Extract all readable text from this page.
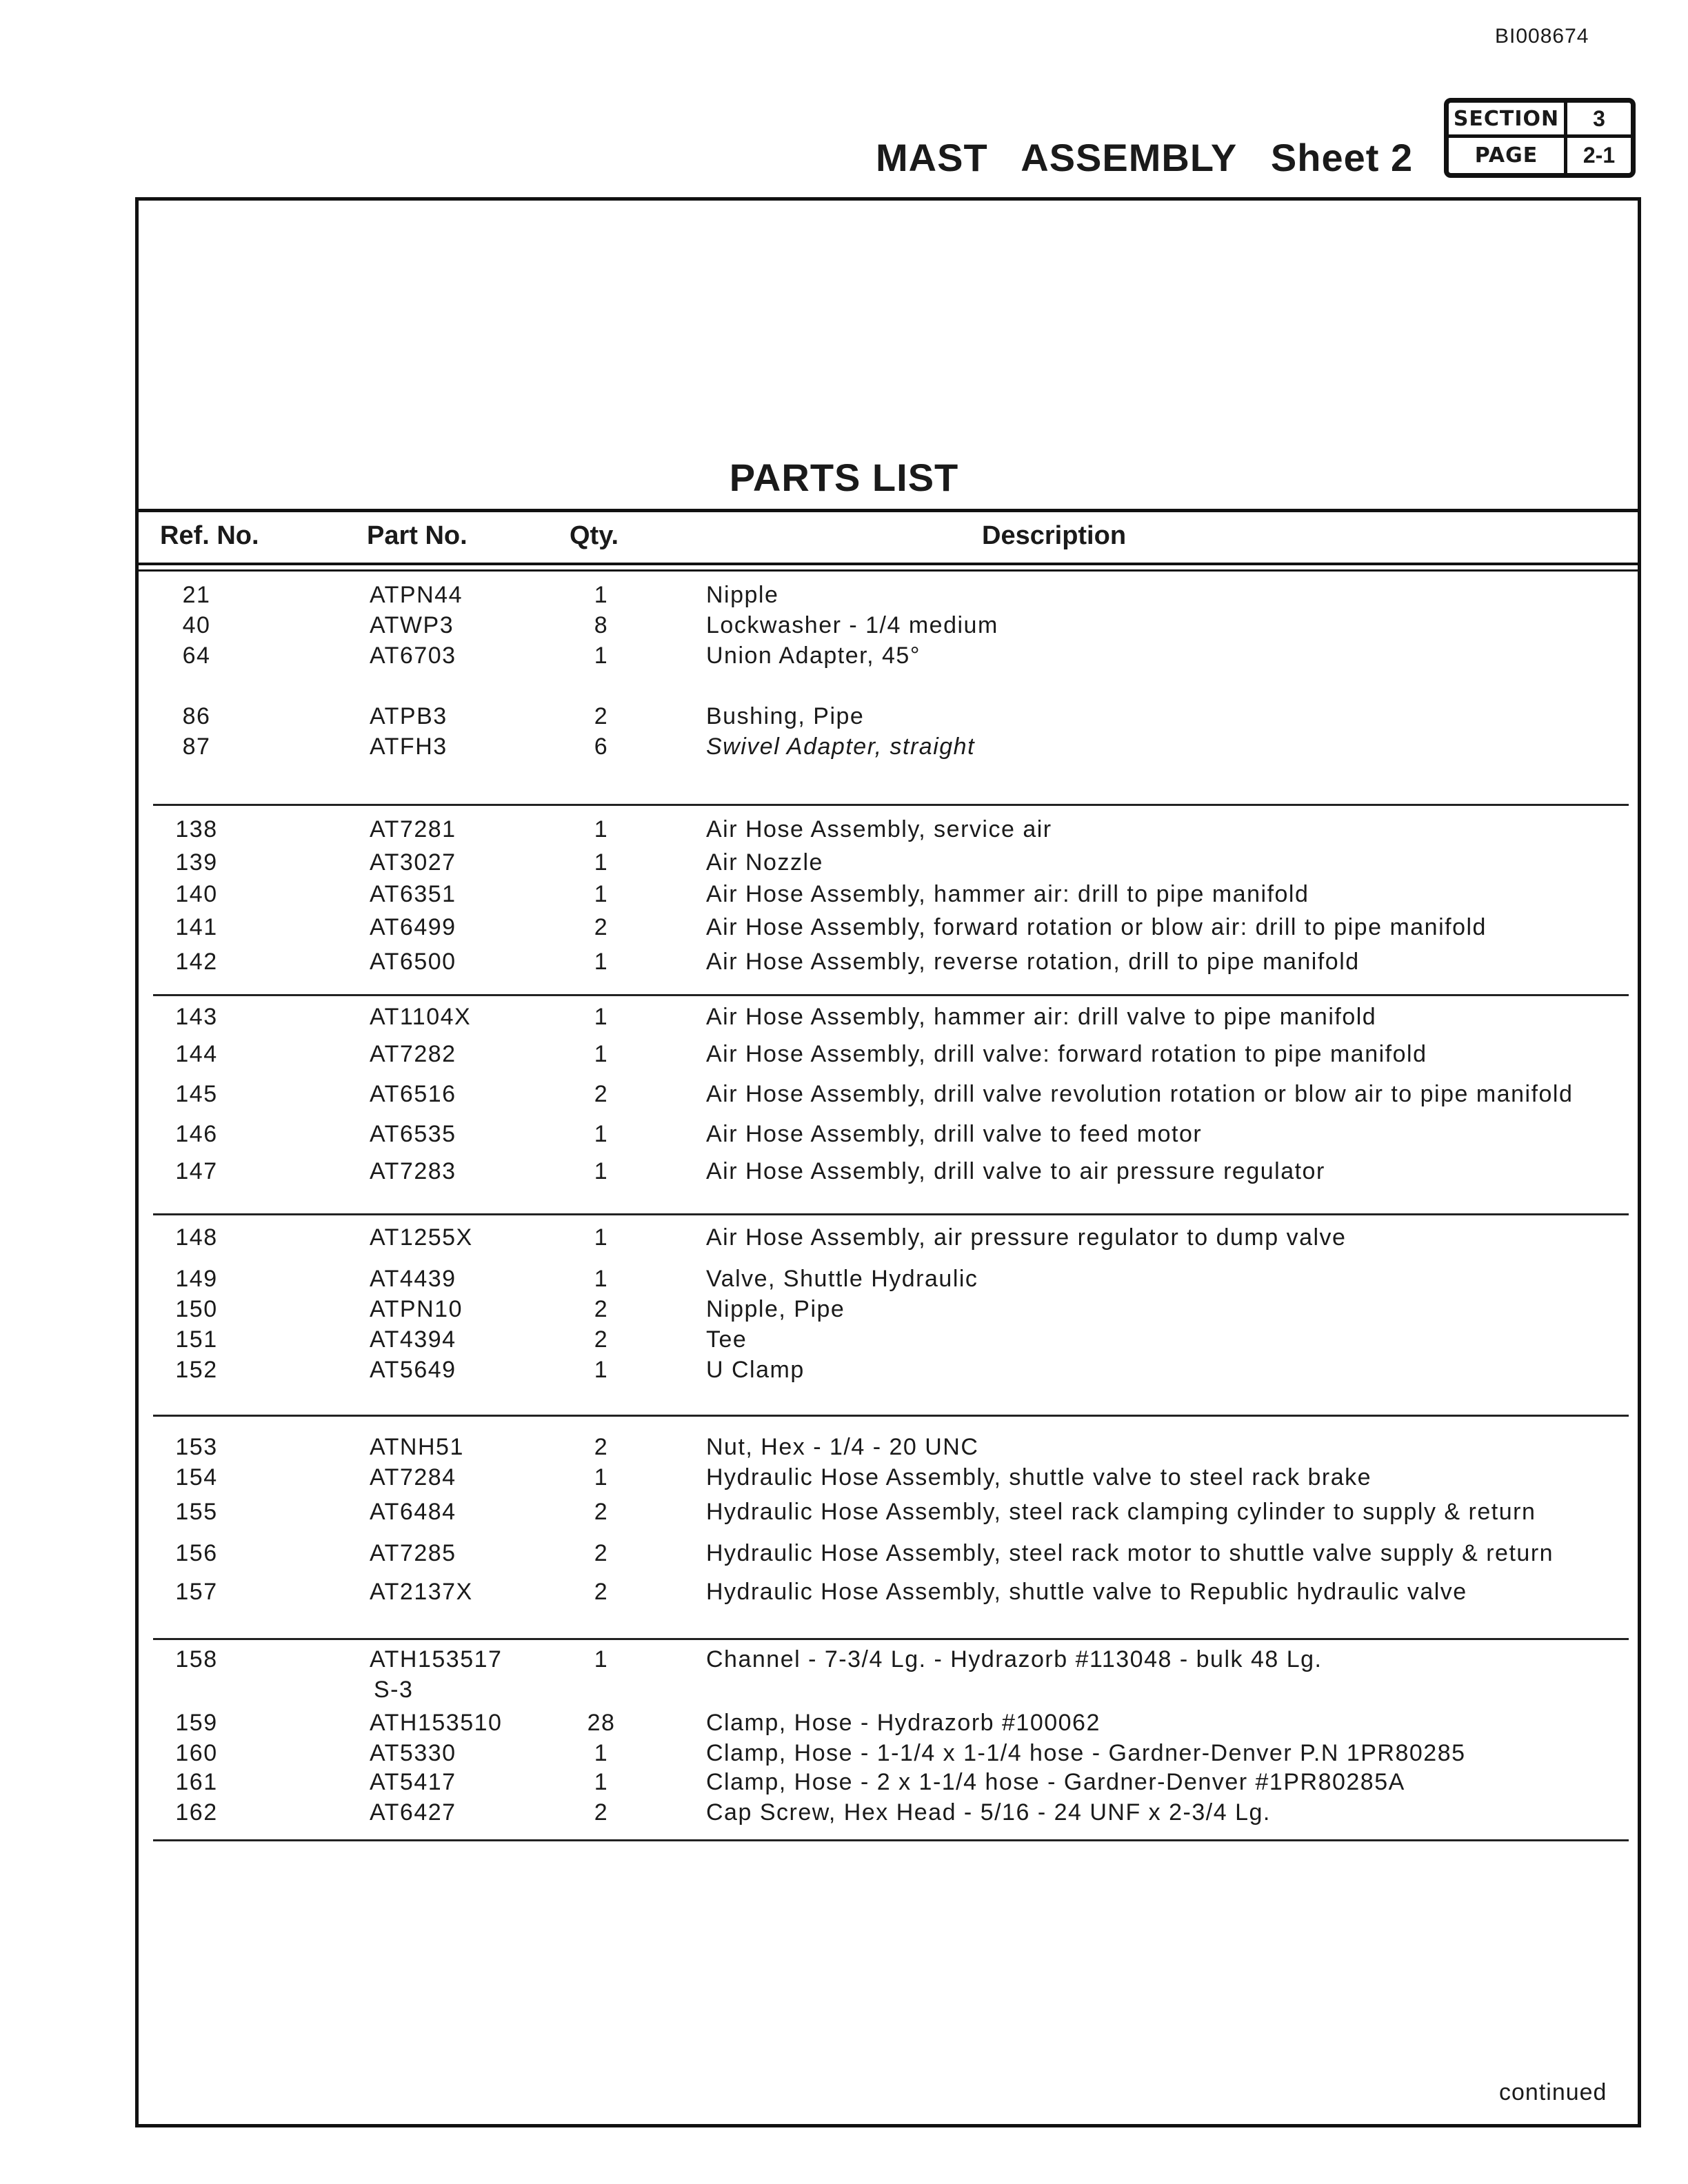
BI008674
MAST   ASSEMBLY   Sheet 2
SECTION	3
PAGE	2-1
PARTS LIST
Ref. No.	Part No.	Qty.	Description
21	ATPN44	1	Nipple
40	ATWP3	8	Lockwasher - 1/4 medium
64	AT6703	1	Union Adapter, 45°
86	ATPB3	2	Bushing, Pipe
87	ATFH3	6	Swivel Adapter, straight
138	AT7281	1	Air Hose Assembly, service air
139	AT3027	1	Air Nozzle
140	AT6351	1	Air Hose Assembly, hammer air: drill to pipe manifold
141	AT6499	2	Air Hose Assembly, forward rotation or blow air: drill to pipe manifold
142	AT6500	1	Air Hose Assembly, reverse rotation, drill to pipe manifold
143	AT1104X	1	Air Hose Assembly, hammer air: drill valve to pipe manifold
144	AT7282	1	Air Hose Assembly, drill valve: forward rotation to pipe manifold
145	AT6516	2	Air Hose Assembly, drill valve revolution rotation or blow air to pipe manifold
146	AT6535	1	Air Hose Assembly, drill valve to feed motor
147	AT7283	1	Air Hose Assembly, drill valve to air pressure regulator
148	AT1255X	1	Air Hose Assembly, air pressure regulator to dump valve
149	AT4439	1	Valve, Shuttle Hydraulic
150	ATPN10	2	Nipple, Pipe
151	AT4394	2	Tee
152	AT5649	1	U Clamp
153	ATNH51	2	Nut, Hex - 1/4 - 20 UNC
154	AT7284	1	Hydraulic Hose Assembly, shuttle valve to steel rack brake
155	AT6484	2	Hydraulic Hose Assembly, steel rack clamping cylinder to supply & return
156	AT7285	2	Hydraulic Hose Assembly, steel rack motor to shuttle valve supply & return
157	AT2137X	2	Hydraulic Hose Assembly, shuttle valve to Republic hydraulic valve
158	ATH153517	1	Channel - 7-3/4 Lg. - Hydrazorb #113048 - bulk 48 Lg.
S-3
159	ATH153510	28	Clamp, Hose - Hydrazorb #100062
160	AT5330	1	Clamp, Hose - 1-1/4 x 1-1/4 hose - Gardner-Denver P.N 1PR80285
161	AT5417	1	Clamp, Hose - 2 x 1-1/4 hose - Gardner-Denver #1PR80285A
162	AT6427	2	Cap Screw, Hex Head - 5/16 - 24 UNF x 2-3/4 Lg.
continued
